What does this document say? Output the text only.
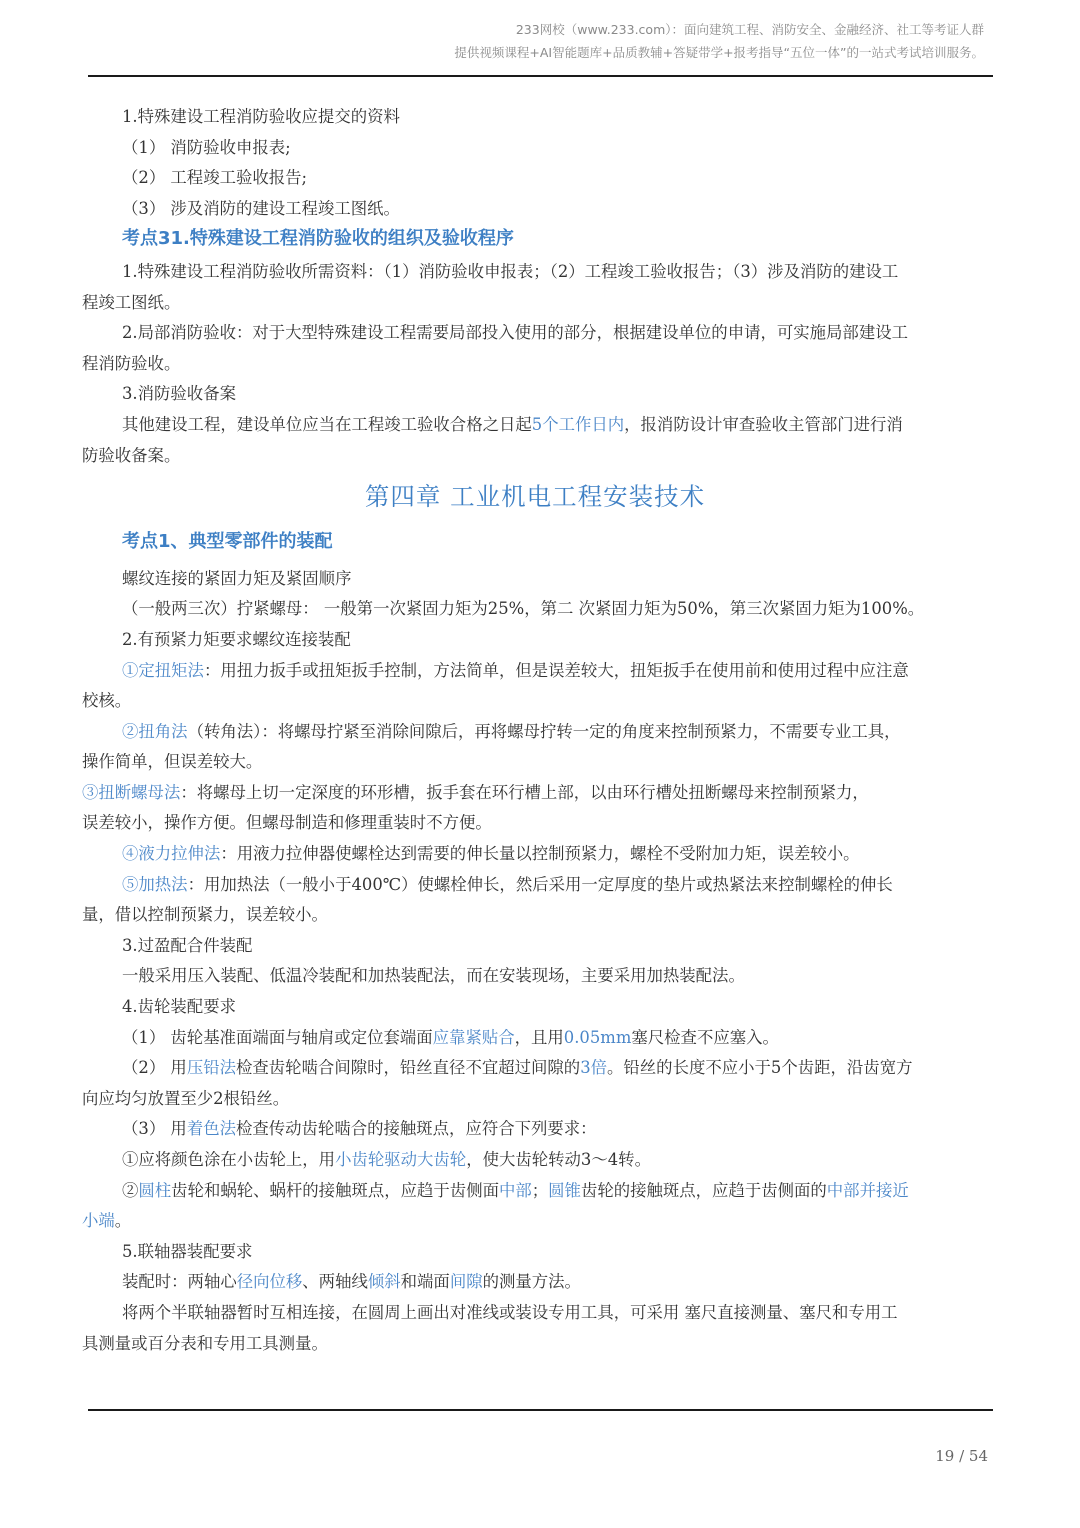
233网校（www.233.com）：面向建筑工程、消防安全、金融经济、社工等考证人群
提供视频课程+AI智能题库+品质教辅+答疑带学+报考指导“五位一体”的一站式考试培训服务。
1.特殊建设工程消防验收应提交的资料
（1） 消防验收申报表;
（2） 工程竣工验收报告;
（3） 涉及消防的建设工程竣工图纸。
考点31.特殊建设工程消防验收的组织及验收程序
1.特殊建设工程消防验收所需资料：（1）消防验收申报表；（2）工程竣工验收报告；（3）涉及消防的建设工
程竣工图纸。
2.局部消防验收：对于大型特殊建设工程需要局部投入使用的部分，根据建设单位的申请，可实施局部建设工
程消防验收。
3.消防验收备案
其他建设工程，建设单位应当在工程竣工验收合格之日起5个工作日内，报消防设计审查验收主管部门进行消
防验收备案。
第四章 工业机电工程安装技术
考点1、典型零部件的装配
螺纹连接的紧固力矩及紧固顺序
（一般两三次）拧紧螺母： 一般第一次紧固力矩为25%，第二 次紧固力矩为50%，第三次紧固力矩为100%。
2.有预紧力矩要求螺纹连接装配
①定扭矩法：用扭力扳手或扭矩扳手控制，方法简单，但是误差较大，扭矩扳手在使用前和使用过程中应注意
校核。
②扭角法（转角法）：将螺母拧紧至消除间隙后，再将螺母拧转一定的角度来控制预紧力，不需要专业工具，
操作简单，但误差较大。
③扭断螺母法：将螺母上切一定深度的环形槽，扳手套在环行槽上部，以由环行槽处扭断螺母来控制预紧力，
误差较小，操作方便。但螺母制造和修理重装时不方便。
④液力拉伸法：用液力拉伸器使螺栓达到需要的伸长量以控制预紧力，螺栓不受附加力矩，误差较小。
⑤加热法：用加热法（一般小于400℃）使螺栓伸长，然后采用一定厚度的垫片或热紧法来控制螺栓的伸长
量，借以控制预紧力，误差较小。
3.过盈配合件装配
一般采用压入装配、低温冷装配和加热装配法，而在安装现场，主要采用加热装配法。
4.齿轮装配要求
（1） 齿轮基准面端面与轴肩或定位套端面应靠紧贴合，且用0.05mm塞尺检查不应塞入。
（2） 用压铅法检查齿轮啮合间隙时，铅丝直径不宜超过间隙的3倍。铅丝的长度不应小于5个齿距，沿齿宽方
向应均匀放置至少2根铅丝。
（3） 用着色法检查传动齿轮啮合的接触斑点，应符合下列要求：
①应将颜色涂在小齿轮上，用小齿轮驱动大齿轮，使大齿轮转动3～4转。
②圆柱齿轮和蜗轮、蜗杆的接触斑点，应趋于齿侧面中部；圆锥齿轮的接触斑点，应趋于齿侧面的中部并接近
小端。
5.联轴器装配要求
装配时：两轴心径向位移、两轴线倾斜和端面间隙的测量方法。
将两个半联轴器暂时互相连接，在圆周上画出对准线或装设专用工具，可采用 塞尺直接测量、塞尺和专用工
具测量或百分表和专用工具测量。
19 / 54
